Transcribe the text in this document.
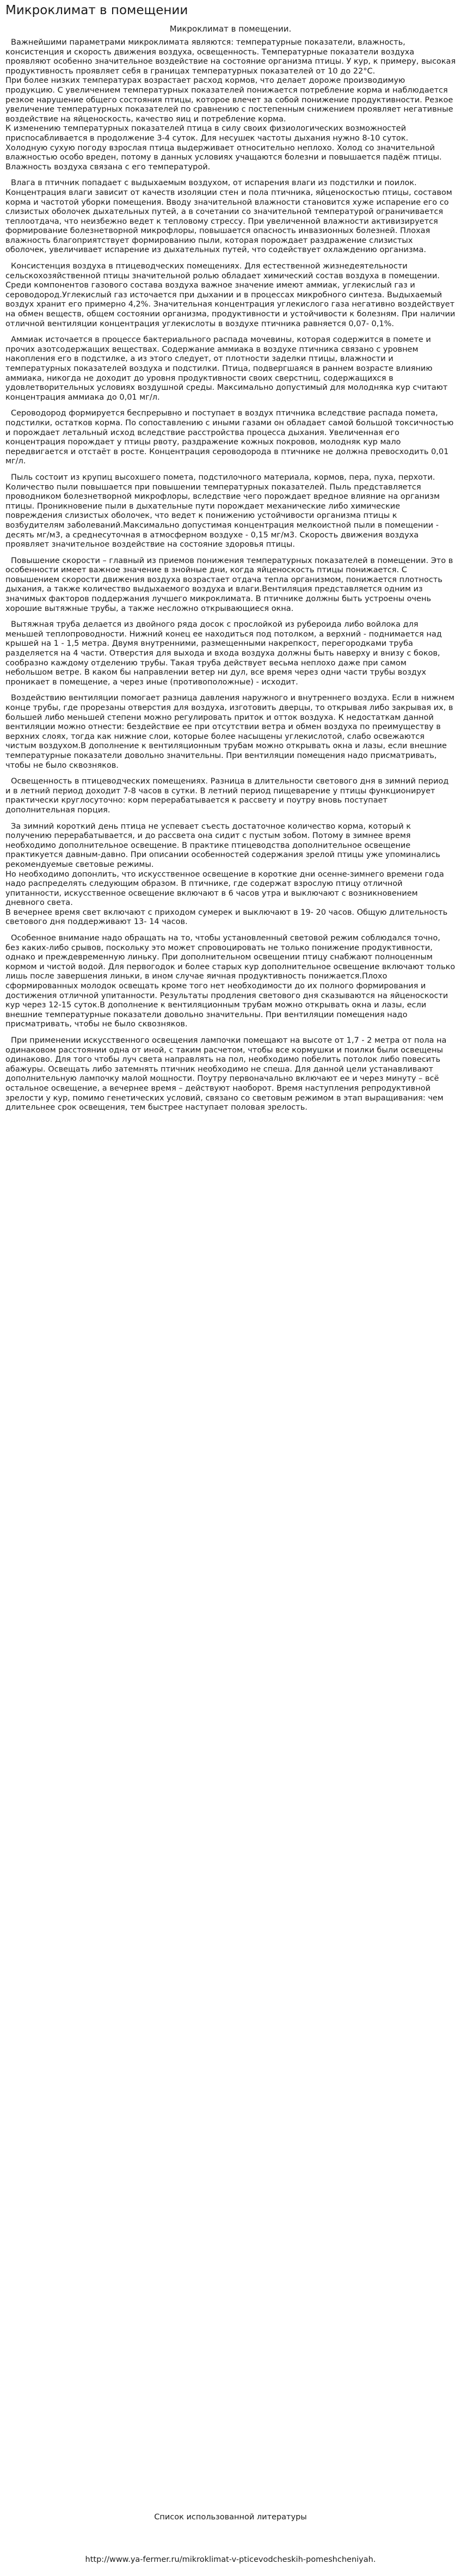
Микроклимат в помещении
Микроклимат в помещении.

Важнейшими параметрами микроклимата являются: температурные показатели, влажность, консистенция и скорость движения воздуха, освещенность. Температурные показатели воздуха проявляют особенно значительное воздействие на состояние организма птицы. У кур, к примеру, высокая продуктивность проявляет себя в границах температурных показателей от 10 до 22°С.
При более низких температурах возрастает расход кормов, что делает дороже производимую продукцию. С увеличением температурных показателей понижается потребление корма и наблюдается резкое нарушение общего состояния птицы, которое влечет за собой понижение продуктивности. Резкое увеличение температурных показателей по сравнению с постепенным снижением проявляет негативные воздействие на яйценоскость, качество яиц и потребление корма.
К изменению температурных показателей птица в силу своих физиологических возможностей приспосабливается в продолжение 3-4 суток. Для несушек частоты дыхания нужно 8-10 суток.
Холодную сухую погоду взрослая птица выдерживает относительно неплохо. Холод со значительной влажностью особо вреден, потому в данных условиях учащаются болезни и повышается падёж птицы. Влажность воздуха связана с его температурой.

Влага в птичник попадает с выдыхаемым воздухом, от испарения влаги из подстилки и поилок. Концентрация влаги зависит от качеств изоляции стен и пола птичника, яйценоскостью птицы, составом корма и частотой уборки помещения. Вводу значительной влажности становится хуже испарение его со слизистых оболочек дыхательных путей, а в сочетании со значительной температурой ограничивается теплоотдача, что неизбежно ведет к тепловому стрессу. При увеличенной влажности активизируется формирование болезнетворной микрофлоры, повышается опасность инвазионных болезней. Плохая влажность благоприятствует формированию пыли, которая порождает раздражение слизистых оболочек, увеличивает испарение из дыхательных путей, что содействует охлаждению организма.

Консистенция воздуха в птицеводческих помещениях. Для естественной жизнедеятельности сельскохозяйственной птицы значительной ролью обладает химический состав воздуха в помещении. Среди компонентов газового состава воздуха важное значение имеют аммиак, углекислый газ и сероводород.Углекислый газ источается при дыхании и в процессах микробного синтеза. Выдыхаемый воздух хранит его примерно 4,2%. Значительная концентрация углекислого газа негативно воздействует на обмен веществ, общем состоянии организма, продуктивности и устойчивости к болезням. При наличии отличной вентиляции концентрация углекислоты в воздухе птичника равняется 0,07- 0,1%.

Аммиак источается в процессе бактериального распада мочевины, которая содержится в помете и прочих азотсодержащих веществах. Содержание аммиака в воздухе птичника связано с уровнем накопления его в подстилке, а из этого следует, от плотности заделки птицы, влажности и температурных показателей воздуха и подстилки. Птица, подвергшаяся в раннем возрасте влиянию аммиака, никогда не доходит до уровня продуктивности своих сверстниц, содержащихся в удовлетворительных условиях воздушной среды. Максимально допустимый для молодняка кур считают концентрация аммиака до 0,01 мг/л.

Сероводород формируется беспрерывно и поступает в воздух птичника вследствие распада помета, подстилки, остатков корма. По сопоставлению с иными газами он обладает самой большой токсичностью и порождает летальный исход вследствие расстройства процесса дыхания. Увеличенная его концентрация порождает у птицы рвоту, раздражение кожных покровов, молодняк кур мало передвигается и отстаёт в росте. Концентрация сероводорода в птичнике не должна превосходить 0,01 мг/л.

Пыль состоит из крупиц высохшего помета, подстилочного материала, кормов, пера, пуха, перхоти. Количество пыли повышается при повышении температурных показателей. Пыль представляется проводником болезнетворной микрофлоры, вследствие чего порождает вредное влияние на организм птицы. Проникновение пыли в дыхательные пути порождает механические либо химические повреждения слизистых оболочек, что ведет к понижению устойчивости организма птицы к возбудителям заболеваний.Максимально допустимая концентрация мелкоистной пыли в помещении - десять мг/м3, а среднесуточная в атмосферном воздухе - 0,15 мг/м3. Скорость движения воздуха проявляет значительное воздействие на состояние здоровья птицы.

Повышение скорости – главный из приемов понижения температурных показателей в помещении. Это в особенности имеет важное значение в знойные дни, когда яйценоскость птицы понижается. С повышением скорости движения воздуха возрастает отдача тепла организмом, понижается плотность дыхания, а также количество выдыхаемого воздуха и влаги.Вентиляция представляется одним из значимых факторов поддержания лучшего микроклимата. В птичнике должны быть устроены очень хорошие вытяжные трубы, а также несложно открывающиеся окна.

Вытяжная труба делается из двойного ряда досок с прослойкой из рубероида либо войлока для меньшей теплопроводности. Нижний конец ее находиться под потолком, а верхний - поднимается над крышей на 1 - 1,5 метра. Двумя внутренними, размещенными накрепкост, перегородками труба разделяется на 4 части. Отверстия для выхода и входа воздуха должны быть наверху и внизу с боков, сообразно каждому отделению трубы. Такая труба действует весьма неплохо даже при самом небольшом ветре. В каком бы направлении ветер ни дул, все время через одни части трубы воздух проникает в помещение, а через иные (противоположные) - исходит.

Воздействию вентиляции помогает разница давления наружного и внутреннего воздуха. Если в нижнем конце трубы, где прорезаны отверстия для воздуха, изготовить дверцы, то открывая либо закрывая их, в большей либо меньшей степени можно регулировать приток и отток воздуха. К недостаткам данной вентиляции можно отнести: бездействие ее при отсутствии ветра и обмен воздуха по преимуществу в верхних слоях, тогда как нижние слои, которые более насыщены углекислотой, слабо освежаются чистым воздухом.В дополнение к вентиляционным трубам можно открывать окна и лазы, если внешние температурные показатели довольно значительны. При вентиляции помещения надо присматривать, чтобы не было сквозняков.

Освещенность в птицеводческих помещениях. Разница в длительности светового дня в зимний период и в летний период доходит 7-8 часов в сутки. В летний период пищеварение у птицы функционирует практически круглосуточно: корм перерабатывается к рассвету и поутру вновь поступает дополнительная порция.

За зимний короткий день птица не успевает съесть достаточное количество корма, который к получению перерабатывается, и до рассвета она сидит с пустым зобом. Потому в зимнее время необходимо дополнительное освещение. В практике птицеводства дополнительное освещение практикуется давным-давно. При описании особенностей содержания зрелой птицы уже упоминались рекомендуемые световые режимы.
Но необходимо допонлить, что искусственное освещение в короткие дни осенне-зимнего времени года надо распределять следующим образом. В птичнике, где содержат взрослую птицу отличной упитанности, искусственное освещение включают в 6 часов утра и выключают с возникновением дневного света.
В вечернее время свет включают с приходом сумерек и выключают в 19- 20 часов. Общую длительность светового дня поддерживают 13- 14 часов.

Особенное внимание надо обращать на то, чтобы установленный световой режим соблюдался точно, без каких-либо срывов, поскольку это может спровоцировать не только понижение продуктивности, однако и преждевременную линьку. При дополнительном освещении птицу снабжают полноценным кормом и чистой водой. Для первогодок и более старых кур дополнительное освещение включают только лишь после завершения линьки, в ином случае яичная продуктивность понижается.Плохо сформированных молодок освещать кроме того нет необходимости до их полного формирования и достижения отличной упитанности. Результаты продления светового дня сказываются на яйценоскости кур через 12-15 суток.В дополнение к вентиляционным трубам можно открывать окна и лазы, если внешние температурные показатели довольно значительны. При вентиляции помещения надо присматривать, чтобы не было сквозняков.

При применении искусственного освещения лампочки помещают на высоте от 1,7 - 2 метра от пола на одинаковом расстоянии одна от иной, с таким расчетом, чтобы все кормушки и поилки были освещены одинаково. Для того чтобы луч света направлять на пол, необходимо побелить потолок либо повесить абажуры. Освещать либо затемнять птичник необходимо не спеша. Для данной цели устанавливают дополнительную лампочку малой мощности. Поутру первоначально включают ее и через минуту – всё остальное освещение, а вечернее время – действуют наоборот. Время наступления репродуктивной зрелости у кур, помимо генетических условий, связано со световым режимом в этап выращивания: чем длительнее срок освещения, тем быстрее наступает половая зрелость.

Список использованной литературы
http://www.ya-fermer.ru/mikroklimat-v-pticevodcheskih-pomeshcheniyah.
